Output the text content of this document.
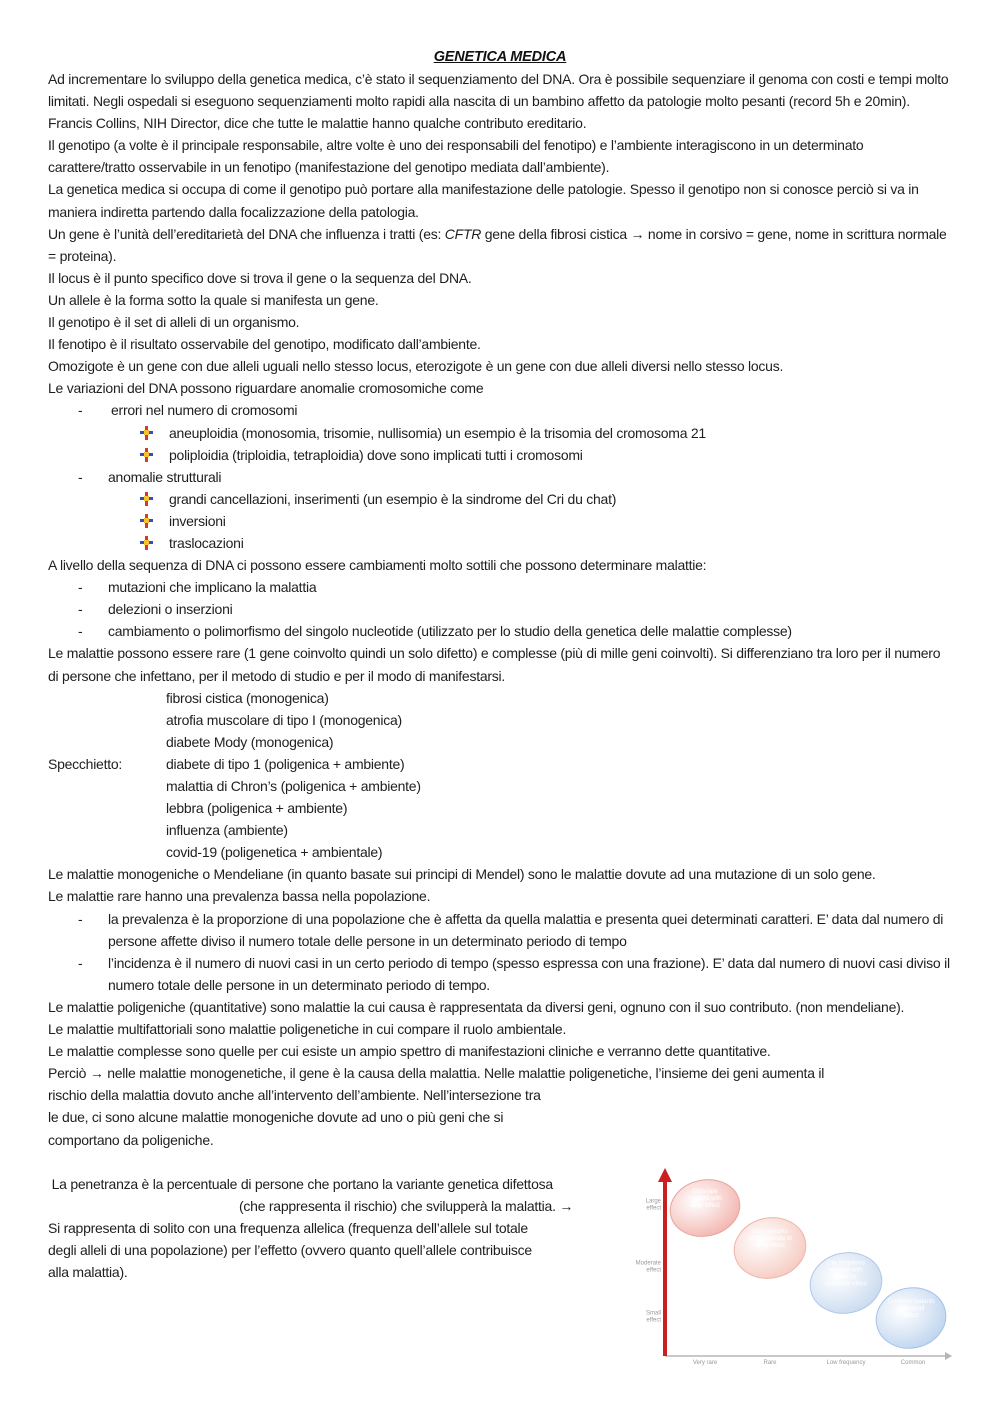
GENETICA MEDICA
Ad incrementare lo sviluppo della genetica medica, c’è stato il sequenziamento del DNA. Ora è possibile sequenziare il genoma con costi e tempi molto limitati. Negli ospedali si eseguono sequenziamenti molto rapidi alla nascita di un bambino affetto da patologie molto pesanti (record 5h e 20min).
Francis Collins, NIH Director, dice che tutte le malattie hanno qualche contributo ereditario.
Il genotipo (a volte è il principale responsabile, altre volte è uno dei responsabili del fenotipo) e l’ambiente interagiscono in un determinato carattere/tratto osservabile in un fenotipo (manifestazione del genotipo mediata dall’ambiente).
La genetica medica si occupa di come il genotipo può portare alla manifestazione delle patologie. Spesso il genotipo non si conosce perciò si va in maniera indiretta partendo dalla focalizzazione della patologia.
Un gene è l’unità dell’ereditarietà del DNA che influenza i tratti (es: CFTR gene della fibrosi cistica → nome in corsivo = gene, nome in scrittura normale = proteina).
Il locus è il punto specifico dove si trova il gene o la sequenza del DNA.
Un allele è la forma sotto la quale si manifesta un gene.
Il genotipo è il set di alleli di un organismo.
Il fenotipo è il risultato osservabile del genotipo, modificato dall’ambiente.
Omozigote è un gene con due alleli uguali nello stesso locus, eterozigote è un gene con due alleli diversi nello stesso locus.
Le variazioni del DNA possono riguardare anomalie cromosomiche come
- errori nel numero di cromosomi
aneuploidia (monosomia, trisomie, nullisomia) un esempio è la trisomia del cromosoma 21
poliploidia (triploidia, tetraploidia) dove sono implicati tutti i cromosomi
- anomalie strutturali
grandi cancellazioni, inserimenti (un esempio è la sindrome del Cri du chat)
inversioni
traslocazioni
A livello della sequenza di DNA ci possono essere cambiamenti molto sottili che possono determinare malattie:
- mutazioni che implicano la malattia
- delezioni o inserzioni
- cambiamento o polimorfismo del singolo nucleotide (utilizzato per lo studio della genetica delle malattie complesse)
Le malattie possono essere rare (1 gene coinvolto quindi un solo difetto) e complesse (più di mille geni coinvolti). Si differenziano tra loro per il numero di persone che infettano, per il metodo di studio e per il modo di manifestarsi.
fibrosi cistica (monogenica)
atrofia muscolare di tipo I (monogenica)
diabete Mody (monogenica)
Specchietto:	diabete di tipo 1 (poligenica + ambiente)
malattia di Chron’s (poligenica + ambiente)
lebbra (poligenica + ambiente)
influenza (ambiente)
covid-19 (poligenetica + ambientale)
Le malattie monogeniche o Mendeliane (in quanto basate sui principi di Mendel) sono le malattie dovute ad una mutazione di un solo gene.
Le malattie rare hanno una prevalenza bassa nella popolazione.
- la prevalenza è la proporzione di una popolazione che è affetta da quella malattia e presenta quei determinati caratteri. E’ data dal numero di persone affette diviso il numero totale delle persone in un determinato periodo di tempo
- l’incidenza è il numero di nuovi casi in un certo periodo di tempo (spesso espressa con una frazione). E’ data dal numero di nuovi casi diviso il numero totale delle persone in un determinato periodo di tempo.
Le malattie poligeniche (quantitative) sono malattie la cui causa è rappresentata da diversi geni, ognuno con il suo contributo. (non mendeliane).
Le malattie multifattoriali sono malattie poligenetiche in cui compare il ruolo ambientale.
Le malattie complesse sono quelle per cui esiste un ampio spettro di manifestazioni cliniche e verranno dette quantitative.
Perciò → nelle malattie monogenetiche, il gene è la causa della malattia. Nelle malattie poligenetiche, l’insieme dei geni aumenta il
rischio della malattia dovuto anche all’intervento dell’ambiente. Nell’intersezione tra
le due, ci sono alcune malattie monogeniche dovute ad uno o più geni che si
comportano da poligeniche.
La penetranza è la percentuale di persone che portano la variante genetica difettosa
(che rappresenta il rischio) che svilupperà la malattia. →
Si rappresenta di solito con una frequenza allelica (frequenza dell’allele sul totale
degli alleli di una popolazione) per l’effetto (ovvero quanto quell’allele contribuisce
alla malattia).
Ultra-rare variants with large effect
Rare variants with moderate to large effect
Low frequency variants with small to moderate effect
Common variants with small effect
Large effect
Moderate effect
Small effect
Very rare	Rare	Low frequency	Common
